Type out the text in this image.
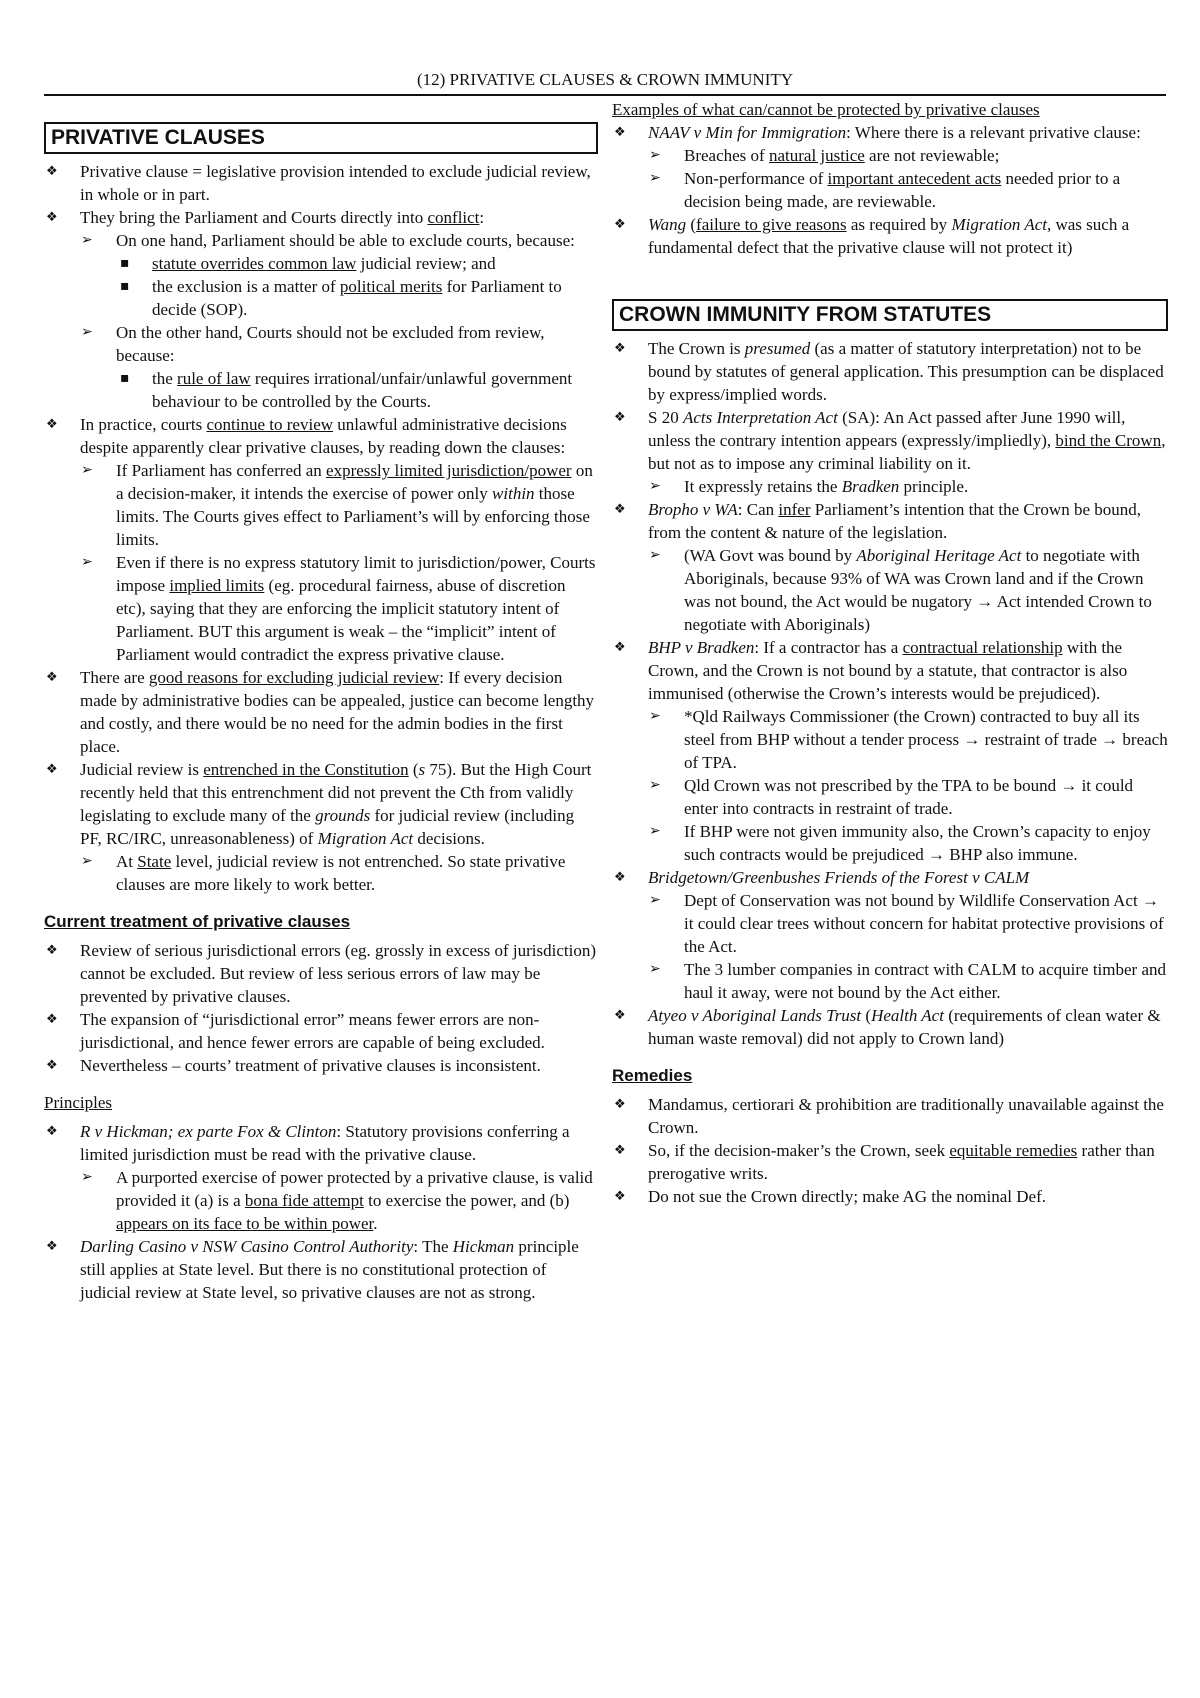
(12) PRIVATIVE CLAUSES & CROWN IMMUNITY
PRIVATIVE CLAUSES
❖ Privative clause = legislative provision intended to exclude judicial review, in whole or in part.
❖ They bring the Parliament and Courts directly into conflict:
➢ On one hand, Parliament should be able to exclude courts, because:
▪ statute overrides common law judicial review; and
▪ the exclusion is a matter of political merits for Parliament to decide (SOP).
➢ On the other hand, Courts should not be excluded from review, because:
▪ the rule of law requires irrational/unfair/unlawful government behaviour to be controlled by the Courts.
❖ In practice, courts continue to review unlawful administrative decisions despite apparently clear privative clauses, by reading down the clauses:
➢ If Parliament has conferred an expressly limited jurisdiction/power on a decision-maker, it intends the exercise of power only within those limits. The Courts gives effect to Parliament’s will by enforcing those limits.
➢ Even if there is no express statutory limit to jurisdiction/power, Courts impose implied limits (eg. procedural fairness, abuse of discretion etc), saying that they are enforcing the implicit statutory intent of Parliament. BUT this argument is weak – the “implicit” intent of Parliament would contradict the express privative clause.
❖ There are good reasons for excluding judicial review: If every decision made by administrative bodies can be appealed, justice can become lengthy and costly, and there would be no need for the admin bodies in the first place.
❖ Judicial review is entrenched in the Constitution (s 75). But the High Court recently held that this entrenchment did not prevent the Cth from validly legislating to exclude many of the grounds for judicial review (including PF, RC/IRC, unreasonableness) of Migration Act decisions.
➢ At State level, judicial review is not entrenched. So state privative clauses are more likely to work better.
Current treatment of privative clauses
❖ Review of serious jurisdictional errors (eg. grossly in excess of jurisdiction) cannot be excluded. But review of less serious errors of law may be prevented by privative clauses.
❖ The expansion of “jurisdictional error” means fewer errors are non-jurisdictional, and hence fewer errors are capable of being excluded.
❖ Nevertheless – courts’ treatment of privative clauses is inconsistent.
Principles
❖ R v Hickman; ex parte Fox & Clinton: Statutory provisions conferring a limited jurisdiction must be read with the privative clause.
➢ A purported exercise of power protected by a privative clause, is valid provided it (a) is a bona fide attempt to exercise the power, and (b) appears on its face to be within power.
❖ Darling Casino v NSW Casino Control Authority: The Hickman principle still applies at State level. But there is no constitutional protection of judicial review at State level, so privative clauses are not as strong.
Examples of what can/cannot be protected by privative clauses
❖ NAAV v Min for Immigration: Where there is a relevant privative clause:
➢ Breaches of natural justice are not reviewable;
➢ Non-performance of important antecedent acts needed prior to a decision being made, are reviewable.
❖ Wang (failure to give reasons as required by Migration Act, was such a fundamental defect that the privative clause will not protect it)
CROWN IMMUNITY FROM STATUTES
❖ The Crown is presumed (as a matter of statutory interpretation) not to be bound by statutes of general application. This presumption can be displaced by express/implied words.
❖ S 20 Acts Interpretation Act (SA): An Act passed after June 1990 will, unless the contrary intention appears (expressly/impliedly), bind the Crown, but not as to impose any criminal liability on it.
➢ It expressly retains the Bradken principle.
❖ Bropho v WA: Can infer Parliament’s intention that the Crown be bound, from the content & nature of the legislation.
➢ (WA Govt was bound by Aboriginal Heritage Act to negotiate with Aboriginals, because 93% of WA was Crown land and if the Crown was not bound, the Act would be nugatory → Act intended Crown to negotiate with Aboriginals)
❖ BHP v Bradken: If a contractor has a contractual relationship with the Crown, and the Crown is not bound by a statute, that contractor is also immunised (otherwise the Crown’s interests would be prejudiced).
➢ *Qld Railways Commissioner (the Crown) contracted to buy all its steel from BHP without a tender process → restraint of trade → breach of TPA.
➢ Qld Crown was not prescribed by the TPA to be bound → it could enter into contracts in restraint of trade.
➢ If BHP were not given immunity also, the Crown’s capacity to enjoy such contracts would be prejudiced → BHP also immune.
❖ Bridgetown/Greenbushes Friends of the Forest v CALM
➢ Dept of Conservation was not bound by Wildlife Conservation Act → it could clear trees without concern for habitat protective provisions of the Act.
➢ The 3 lumber companies in contract with CALM to acquire timber and haul it away, were not bound by the Act either.
❖ Atyeo v Aboriginal Lands Trust (Health Act (requirements of clean water & human waste removal) did not apply to Crown land)
Remedies
❖ Mandamus, certiorari & prohibition are traditionally unavailable against the Crown.
❖ So, if the decision-maker’s the Crown, seek equitable remedies rather than prerogative writs.
❖ Do not sue the Crown directly; make AG the nominal Def.
